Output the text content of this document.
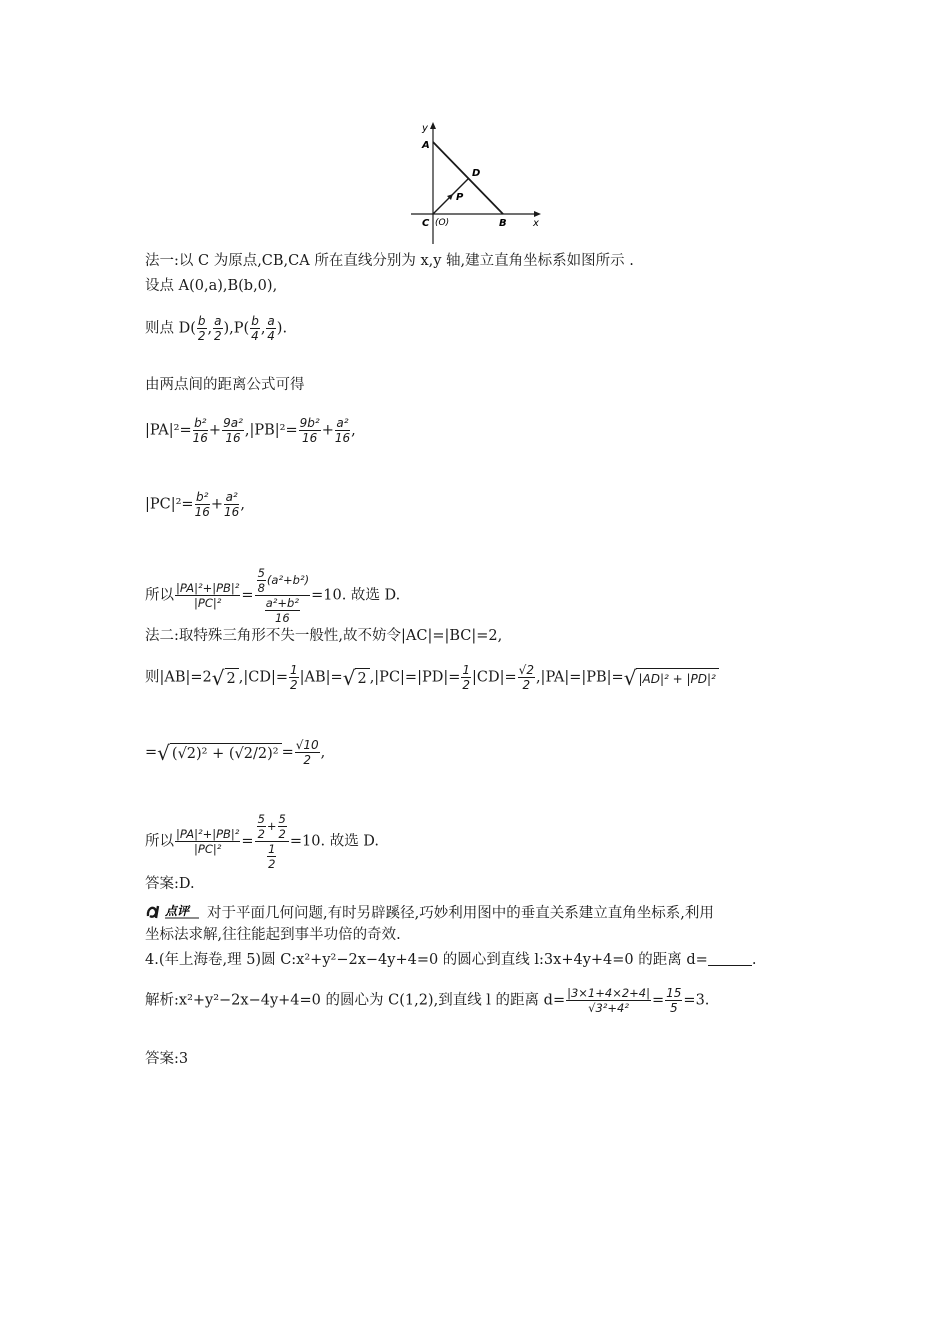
y
A
D
P
C (O)	B	x
法一:以 C 为原点,CB,CA 所在直线分别为 x,y 轴,建立直角坐标系如图所示 .
设点 A(0,a),B(b,0),
则点 $D( \frac{b}{2}$ , $\frac{a}{2} ),P( \frac{b}{4}$ , $\frac{a}{4}$ ).
由两点间的距离公式可得
$|PA|^2= \frac{\text{b²}}{16} + \frac{\text{9a²}}{16} ,|PB|^2= \frac{\text{9b²}}{16} + \frac{\text{a²}}{16}$ ,
$|PC|^2= \frac{\text{b²}}{16} + \frac{\text{a²}}{16}$ ,
所以 $\frac{\text{|PA|²+|PB|²}}{\text{|PC|²}} = \frac{\frac{5}{8} (a^2+b^2)}{\frac{\text{a²+b²}}{16}} =10$. 故选 D.
法二:取特殊三角形不失一般性,故不妨令|AC|=|BC|=2,
则|AB|=2√ 2 $,|CD|= \frac{1}{2} |AB|=√$ 2 $,|PC|=|PD|= \frac{1}{2} |CD|= \frac{√2}{2} ,|PA|=|PB|=√$ |AD|² + |PD|²
=√ $(√2)^2 + (√2/2)^2 = \frac{√10}{2}$ ,
所以 $\frac{\text{|PA|²+|PB|²}}{\text{|PC|²}} = \frac{\frac{5}{2} + \frac{5}{2}}{\frac{1}{2}} =10$. 故选 D.
答案:D.
点评 对于平面几何问题,有时另辟蹊径,巧妙利用图中的垂直关系建立直角坐标系,利用
坐标法求解,往往能起到事半功倍的奇效.
4.(年上海卷,理 5)圆 C:x²+y²−2x−4y+4=0 的圆心到直线 l:3x+4y+4=0 的距离 d=	.
解析:x²+y²−2x−4y+4=0 的圆心为 C(1,2),到直线 l 的距离 $d= \frac{|3\times 1+4\times 2+4|}{\text{√3²+4²}} = \frac{15}{5} =3$.
答案:3
